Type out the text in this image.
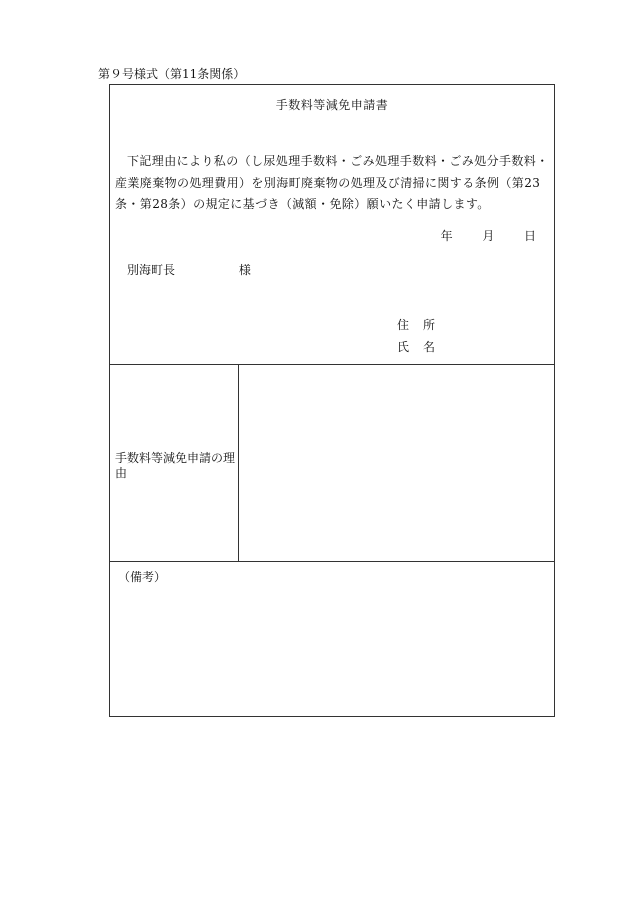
第９号様式（第11条関係）
手数料等減免申請書
下記理由により私の（し尿処理手数料・ごみ処理手数料・ごみ処分手数料・産業廃棄物の処理費用）を別海町廃棄物の処理及び清掃に関する条例（第23条・第28条）の規定に基づき（減額・免除）願いたく申請します。
年 月 日
別海町長	様
住 所
氏 名
手数料等減免申請の理由
（備考）
